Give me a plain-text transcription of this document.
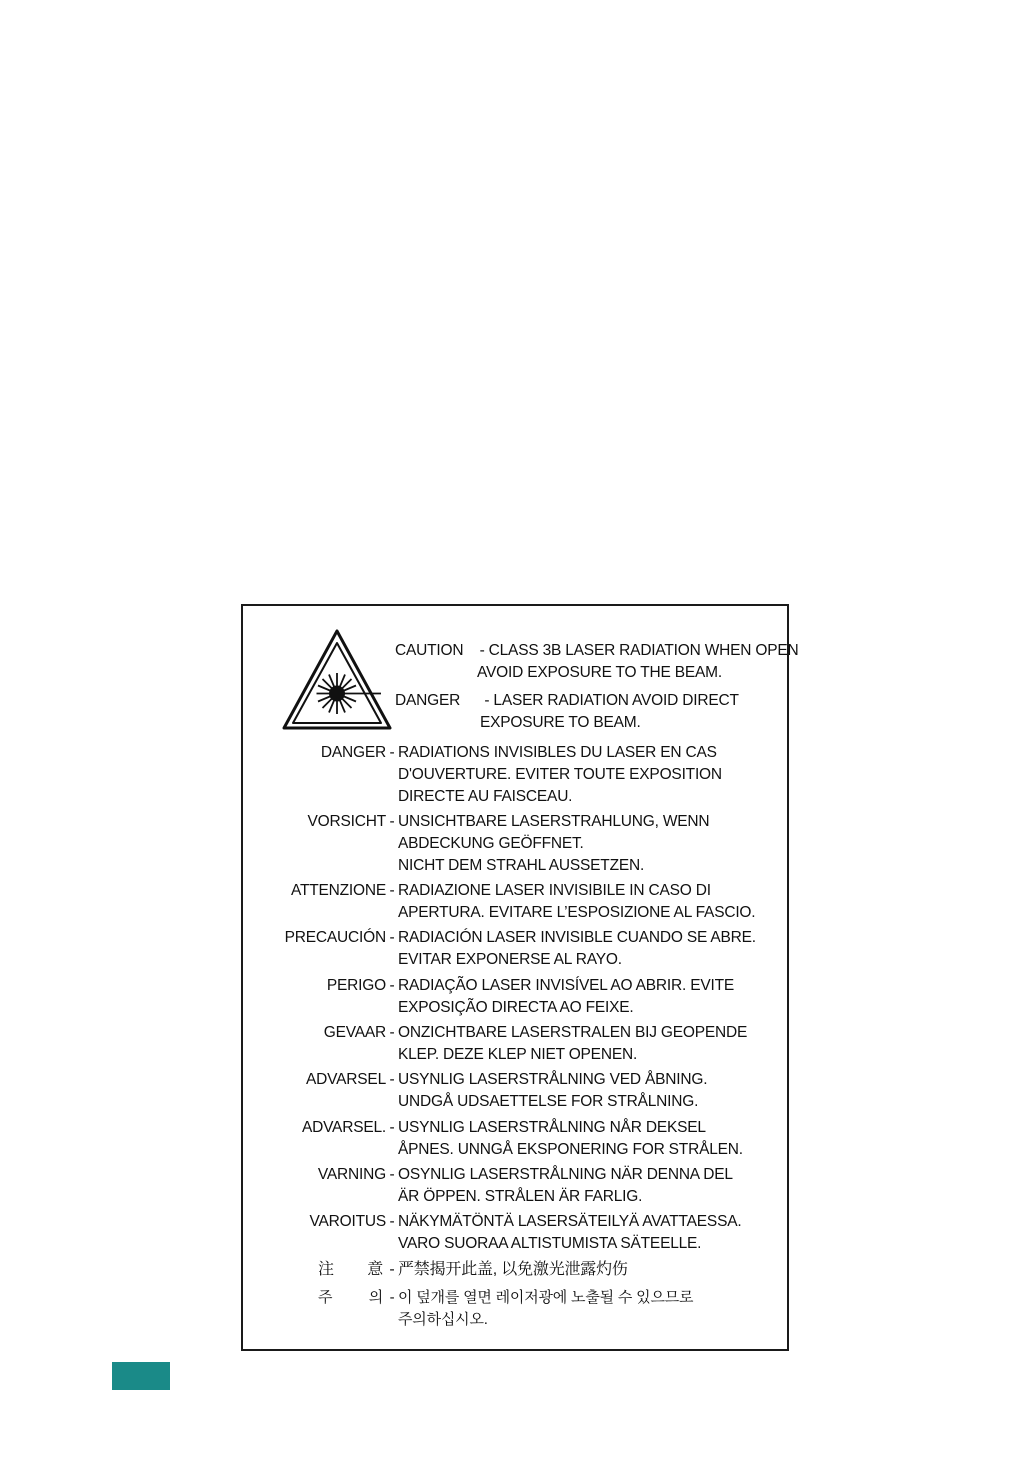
CAUTION - CLASS 3B LASER RADIATION WHEN OPEN
AVOID EXPOSURE TO THE BEAM.
DANGER - LASER RADIATION AVOID DIRECT
EXPOSURE TO BEAM.
DANGER - RADIATIONS INVISIBLES DU LASER EN CAS
D'OUVERTURE. EVITER TOUTE EXPOSITION
DIRECTE AU FAISCEAU.
VORSICHT - UNSICHTBARE LASERSTRAHLUNG, WENN
ABDECKUNG GEÖFFNET.
NICHT DEM STRAHL AUSSETZEN.
ATTENZIONE - RADIAZIONE LASER INVISIBILE IN CASO DI
APERTURA. EVITARE L’ESPOSIZIONE AL FASCIO.
PRECAUCIÓN - RADIACIÓN LASER INVISIBLE CUANDO SE ABRE.
EVITAR EXPONERSE AL RAYO.
PERIGO - RADIAÇÃO LASER INVISÍVEL AO ABRIR. EVITE
EXPOSIÇÃO DIRECTA AO FEIXE.
GEVAAR - ONZICHTBARE LASERSTRALEN BIJ GEOPENDE
KLEP. DEZE KLEP NIET OPENEN.
ADVARSEL - USYNLIG LASERSTRÅLNING VED ÅBNING.
UNDGÅ UDSAETTELSE FOR STRÅLNING.
ADVARSEL. - USYNLIG LASERSTRÅLNING NÅR DEKSEL
ÅPNES. UNNGÅ EKSPONERING FOR STRÅLEN.
VARNING - OSYNLIG LASERSTRÅLNING NÄR DENNA DEL
ÄR ÖPPEN. STRÅLEN ÄR FARLIG.
VAROITUS - NÄKYMÄTÖNTÄ LASERSÄTEILYÄ AVATTAESSA.
VARO SUORAA ALTISTUMISTA SÄTEELLE.
注 意 - 严禁揭开此盖, 以免激光泄露灼伤
주 의 - 이 덮개를 열면 레이저광에 노출될 수 있으므로
주의하십시오.
